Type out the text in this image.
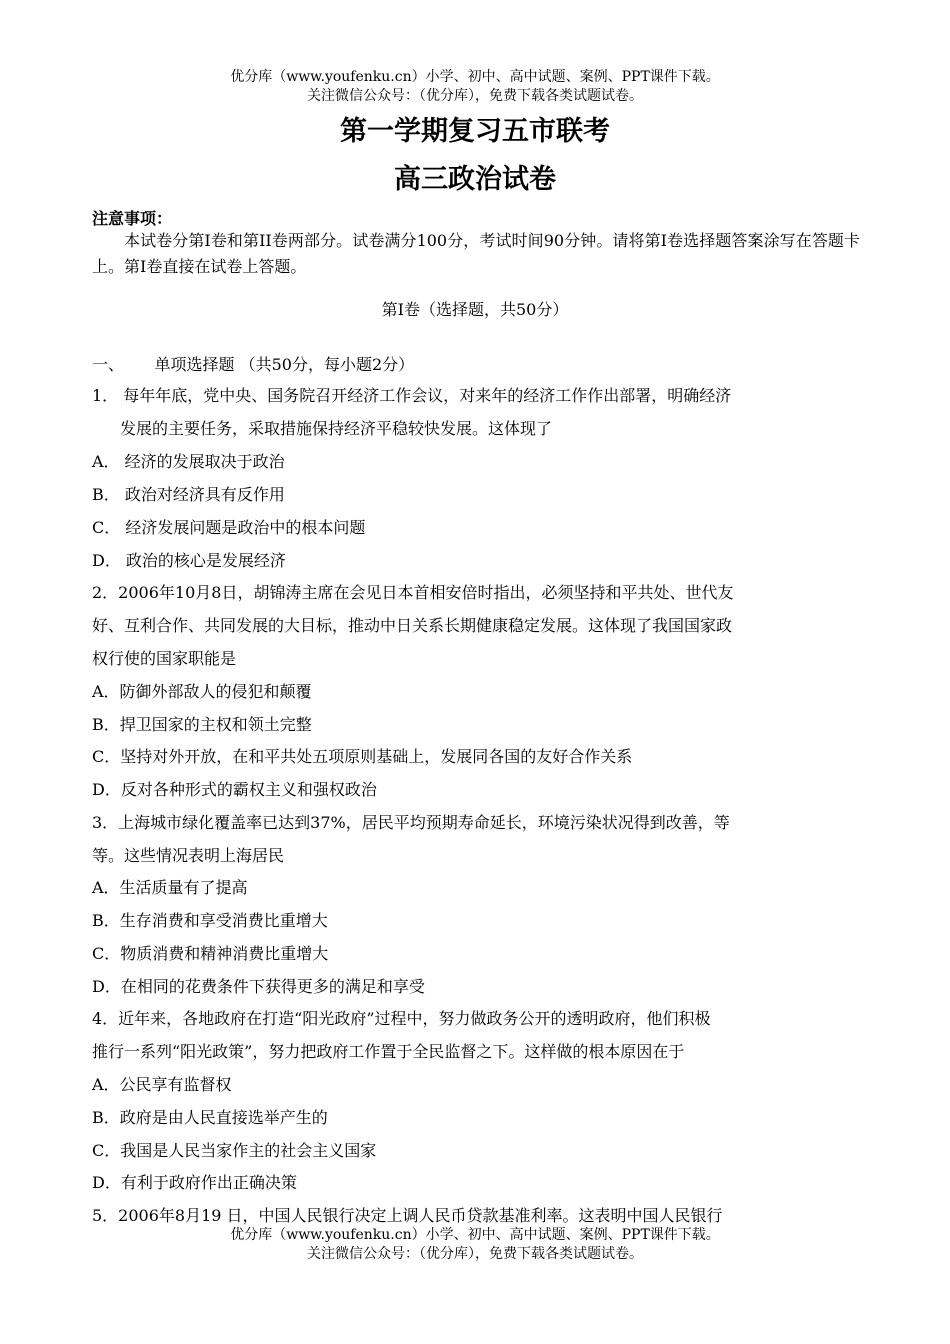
优分库（www.youfenku.cn）小学、初中、高中试题、案例、PPT课件下载。
关注微信公众号：（优分库），免费下载各类试题试卷。
第一学期复习五市联考
高三政治试卷
注意事项：
本试卷分第I卷和第II卷两部分。试卷满分100分，考试时间90分钟。请将第I卷选择题答案涂写在答题卡上。第I卷直接在试卷上答题。
第I卷（选择题，共50分）
一、      单项选择题 （共50分，每小题2分）
1． 每年年底，党中央、国务院召开经济工作会议，对来年的经济工作作出部署，明确经济
发展的主要任务，采取措施保持经济平稳较快发展。这体现了
A． 经济的发展取决于政治
B． 政治对经济具有反作用
C． 经济发展问题是政治中的根本问题
D． 政治的核心是发展经济
2．2006年10月8日，胡锦涛主席在会见日本首相安倍时指出，必须坚持和平共处、世代友
好、互利合作、共同发展的大目标，推动中日关系长期健康稳定发展。这体现了我国国家政
权行使的国家职能是
A．防御外部敌人的侵犯和颠覆
B．捍卫国家的主权和领土完整
C．坚持对外开放，在和平共处五项原则基础上，发展同各国的友好合作关系
D．反对各种形式的霸权主义和强权政治
3．上海城市绿化覆盖率已达到37%，居民平均预期寿命延长，环境污染状况得到改善，等
等。这些情况表明上海居民
A．生活质量有了提高
B．生存消费和享受消费比重增大
C．物质消费和精神消费比重增大
D．在相同的花费条件下获得更多的满足和享受
4．近年来，各地政府在打造“阳光政府”过程中，努力做政务公开的透明政府，他们积极
推行一系列“阳光政策”，努力把政府工作置于全民监督之下。这样做的根本原因在于
A．公民享有监督权
B．政府是由人民直接选举产生的
C．我国是人民当家作主的社会主义国家
D．有利于政府作出正确决策
5．2006年8月19 日，中国人民银行决定上调人民币贷款基准利率。这表明中国人民银行
优分库（www.youfenku.cn）小学、初中、高中试题、案例、PPT课件下载。
关注微信公众号：（优分库），免费下载各类试题试卷。
